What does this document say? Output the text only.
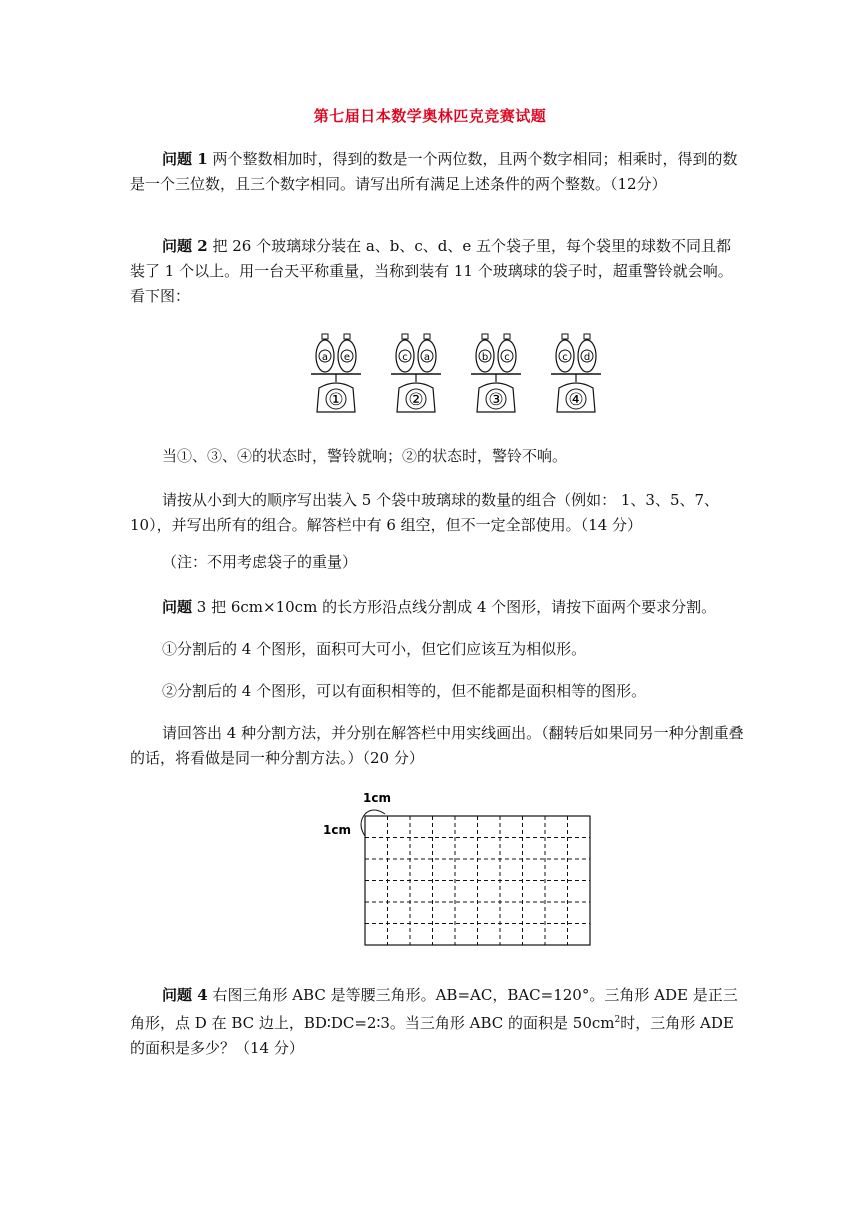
第七届日本数学奥林匹克竞赛试题

问题 1 两个整数相加时，得到的数是一个两位数，且两个数字相同；相乘时，得到的数是一个三位数，且三个数字相同。请写出所有满足上述条件的两个整数。（12分）

问题 2 把 26 个玻璃球分装在 a、b、c、d、e 五个袋子里，每个袋里的球数不同且都装了 1 个以上。用一台天平称重量，当称到装有 11 个玻璃球的袋子时，超重警铃就会响。看下图：

a e
①
c a
②
b c
③
c d
④

当①、③、④的状态时，警铃就响；②的状态时，警铃不响。

请按从小到大的顺序写出装入 5 个袋中玻璃球的数量的组合（例如： 1、3、5、7、10），并写出所有的组合。解答栏中有 6 组空，但不一定全部使用。（14 分）

（注：不用考虑袋子的重量）

问题 3 把 6cm×10cm 的长方形沿点线分割成 4 个图形，请按下面两个要求分割。

①分割后的 4 个图形，面积可大可小，但它们应该互为相似形。

②分割后的 4 个图形，可以有面积相等的，但不能都是面积相等的图形。

请回答出 4 种分割方法，并分别在解答栏中用实线画出。（翻转后如果同另一种分割重叠的话，将看做是同一种分割方法。）（20 分）

1cm
1cm

问题 4 右图三角形 ABC 是等腰三角形。AB=AC，BAC=120°。三角形 ADE 是正三角形，点 D 在 BC 边上，BD∶DC=2∶3。当三角形 ABC 的面积是 $50cm^2$时，三角形 ADE 的面积是多少？（14 分）
